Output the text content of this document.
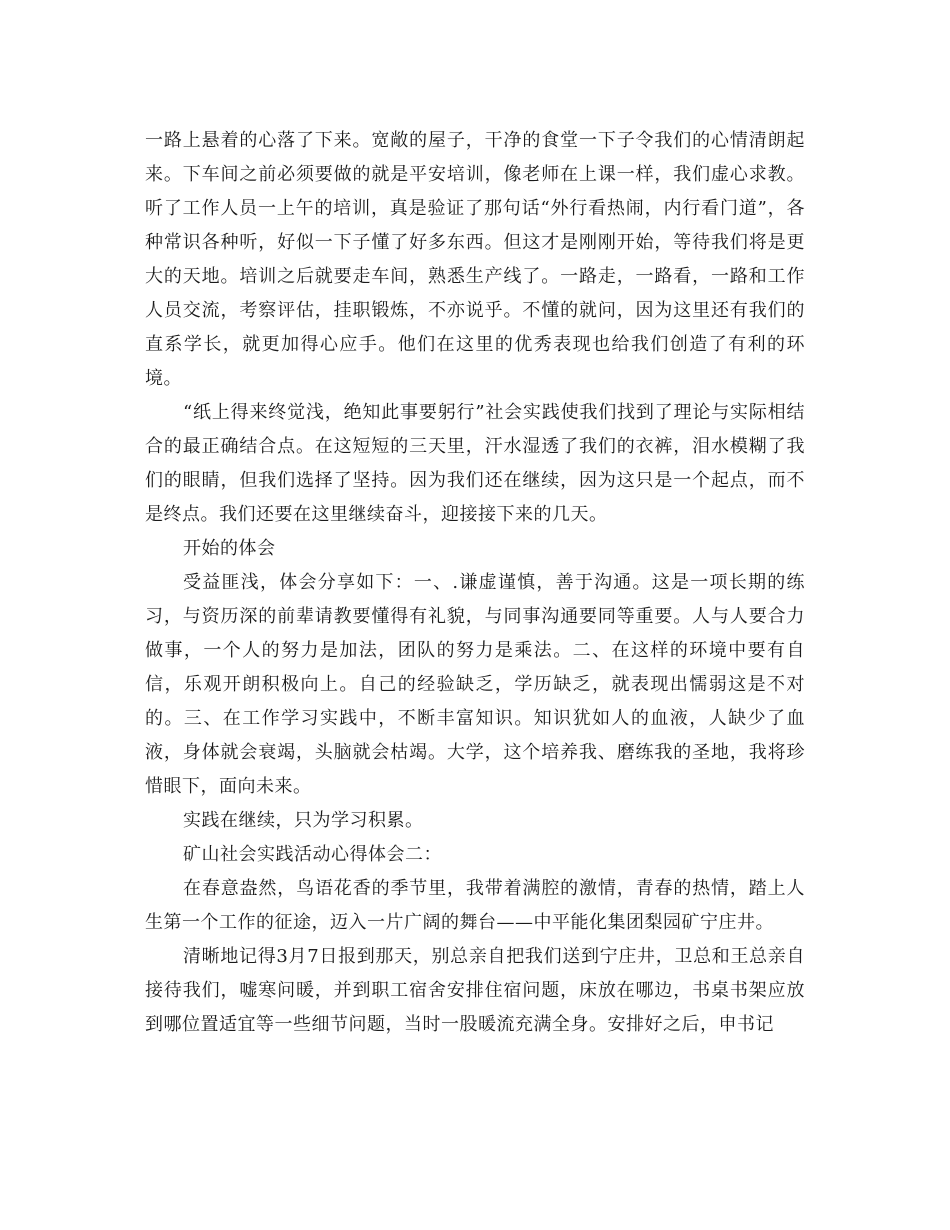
一路上悬着的心落了下来。宽敞的屋子，干净的食堂一下子令我们的心情清朗起来。下车间之前必须要做的就是平安培训，像老师在上课一样，我们虚心求教。听了工作人员一上午的培训，真是验证了那句话“外行看热闹，内行看门道”，各种常识各种听，好似一下子懂了好多东西。但这才是刚刚开始，等待我们将是更大的天地。培训之后就要走车间，熟悉生产线了。一路走，一路看，一路和工作人员交流，考察评估，挂职锻炼，不亦说乎。不懂的就问，因为这里还有我们的直系学长，就更加得心应手。他们在这里的优秀表现也给我们创造了有利的环境。

“纸上得来终觉浅，绝知此事要躬行”社会实践使我们找到了理论与实际相结合的最正确结合点。在这短短的三天里，汗水湿透了我们的衣裤，泪水模糊了我们的眼睛，但我们选择了坚持。因为我们还在继续，因为这只是一个起点，而不是终点。我们还要在这里继续奋斗，迎接接下来的几天。

开始的体会

受益匪浅，体会分享如下：一、.谦虚谨慎，善于沟通。这是一项长期的练习，与资历深的前辈请教要懂得有礼貌，与同事沟通要同等重要。人与人要合力做事，一个人的努力是加法，团队的努力是乘法。二、在这样的环境中要有自信，乐观开朗积极向上。自己的经验缺乏，学历缺乏，就表现出懦弱这是不对的。三、在工作学习实践中，不断丰富知识。知识犹如人的血液，人缺少了血液，身体就会衰竭，头脑就会枯竭。大学，这个培养我、磨练我的圣地，我将珍惜眼下，面向未来。

实践在继续，只为学习积累。

矿山社会实践活动心得体会二：

在春意盎然，鸟语花香的季节里，我带着满腔的激情，青春的热情，踏上人生第一个工作的征途，迈入一片广阔的舞台——中平能化集团梨园矿宁庄井。

清晰地记得3月7日报到那天，别总亲自把我们送到宁庄井，卫总和王总亲自接待我们，嘘寒问暖，并到职工宿舍安排住宿问题，床放在哪边，书桌书架应放到哪位置适宜等一些细节问题，当时一股暖流充满全身。安排好之后，申书记
